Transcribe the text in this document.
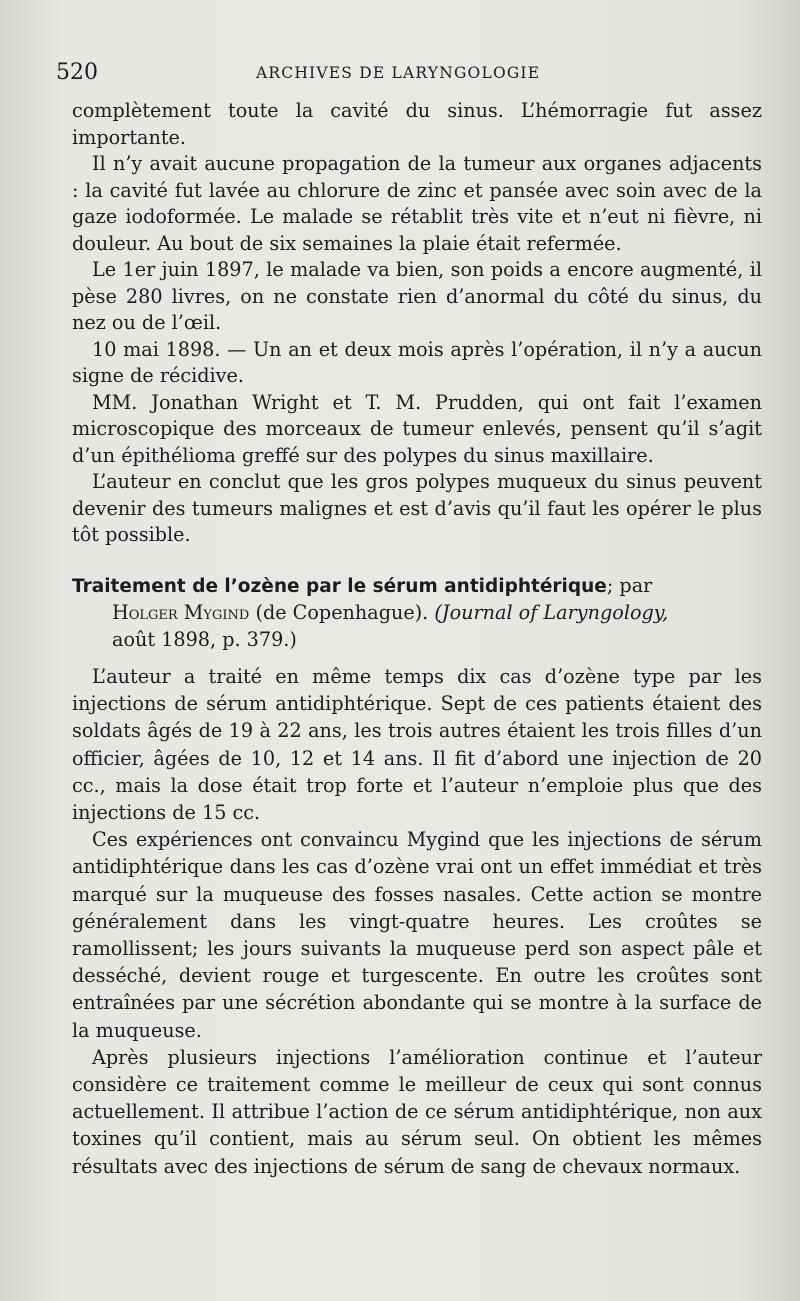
520	ARCHIVES DE LARYNGOLOGIE

complètement toute la cavité du sinus. L’hémorragie fut assez importante.

Il n’y avait aucune propagation de la tumeur aux organes adjacents : la cavité fut lavée au chlorure de zinc et pansée avec soin avec de la gaze iodoformée. Le malade se rétablit très vite et n’eut ni fièvre, ni douleur. Au bout de six semaines la plaie était refermée.

Le 1er juin 1897, le malade va bien, son poids a encore augmenté, il pèse 280 livres, on ne constate rien d’anormal du côté du sinus, du nez ou de l’œil.

10 mai 1898. — Un an et deux mois après l’opération, il n’y a aucun signe de récidive.

MM. Jonathan Wright et T. M. Prudden, qui ont fait l’examen microscopique des morceaux de tumeur enlevés, pensent qu’il s’agit d’un épithélioma greffé sur des polypes du sinus maxillaire.

L’auteur en conclut que les gros polypes muqueux du sinus peuvent devenir des tumeurs malignes et est d’avis qu’il faut les opérer le plus tôt possible.

Traitement de l’ozène par le sérum antidiphtérique; par

Holger Mygind (de Copenhague). (Journal of Laryngology,

août 1898, p. 379.)

L’auteur a traité en même temps dix cas d’ozène type par les injections de sérum antidiphtérique. Sept de ces patients étaient des soldats âgés de 19 à 22 ans, les trois autres étaient les trois filles d’un officier, âgées de 10, 12 et 14 ans. Il fit d’abord une injection de 20 cc., mais la dose était trop forte et l’auteur n’emploie plus que des injections de 15 cc.

Ces expériences ont convaincu Mygind que les injections de sérum antidiphtérique dans les cas d’ozène vrai ont un effet immédiat et très marqué sur la muqueuse des fosses nasales. Cette action se montre généralement dans les vingt-quatre heures. Les croûtes se ramollissent; les jours suivants la muqueuse perd son aspect pâle et desséché, devient rouge et turgescente. En outre les croûtes sont entraînées par une sécrétion abondante qui se montre à la surface de la muqueuse.

Après plusieurs injections l’amélioration continue et l’auteur considère ce traitement comme le meilleur de ceux qui sont connus actuellement. Il attribue l’action de ce sérum antidiphtérique, non aux toxines qu’il contient, mais au sérum seul. On obtient les mêmes résultats avec des injections de sérum de sang de chevaux normaux.
